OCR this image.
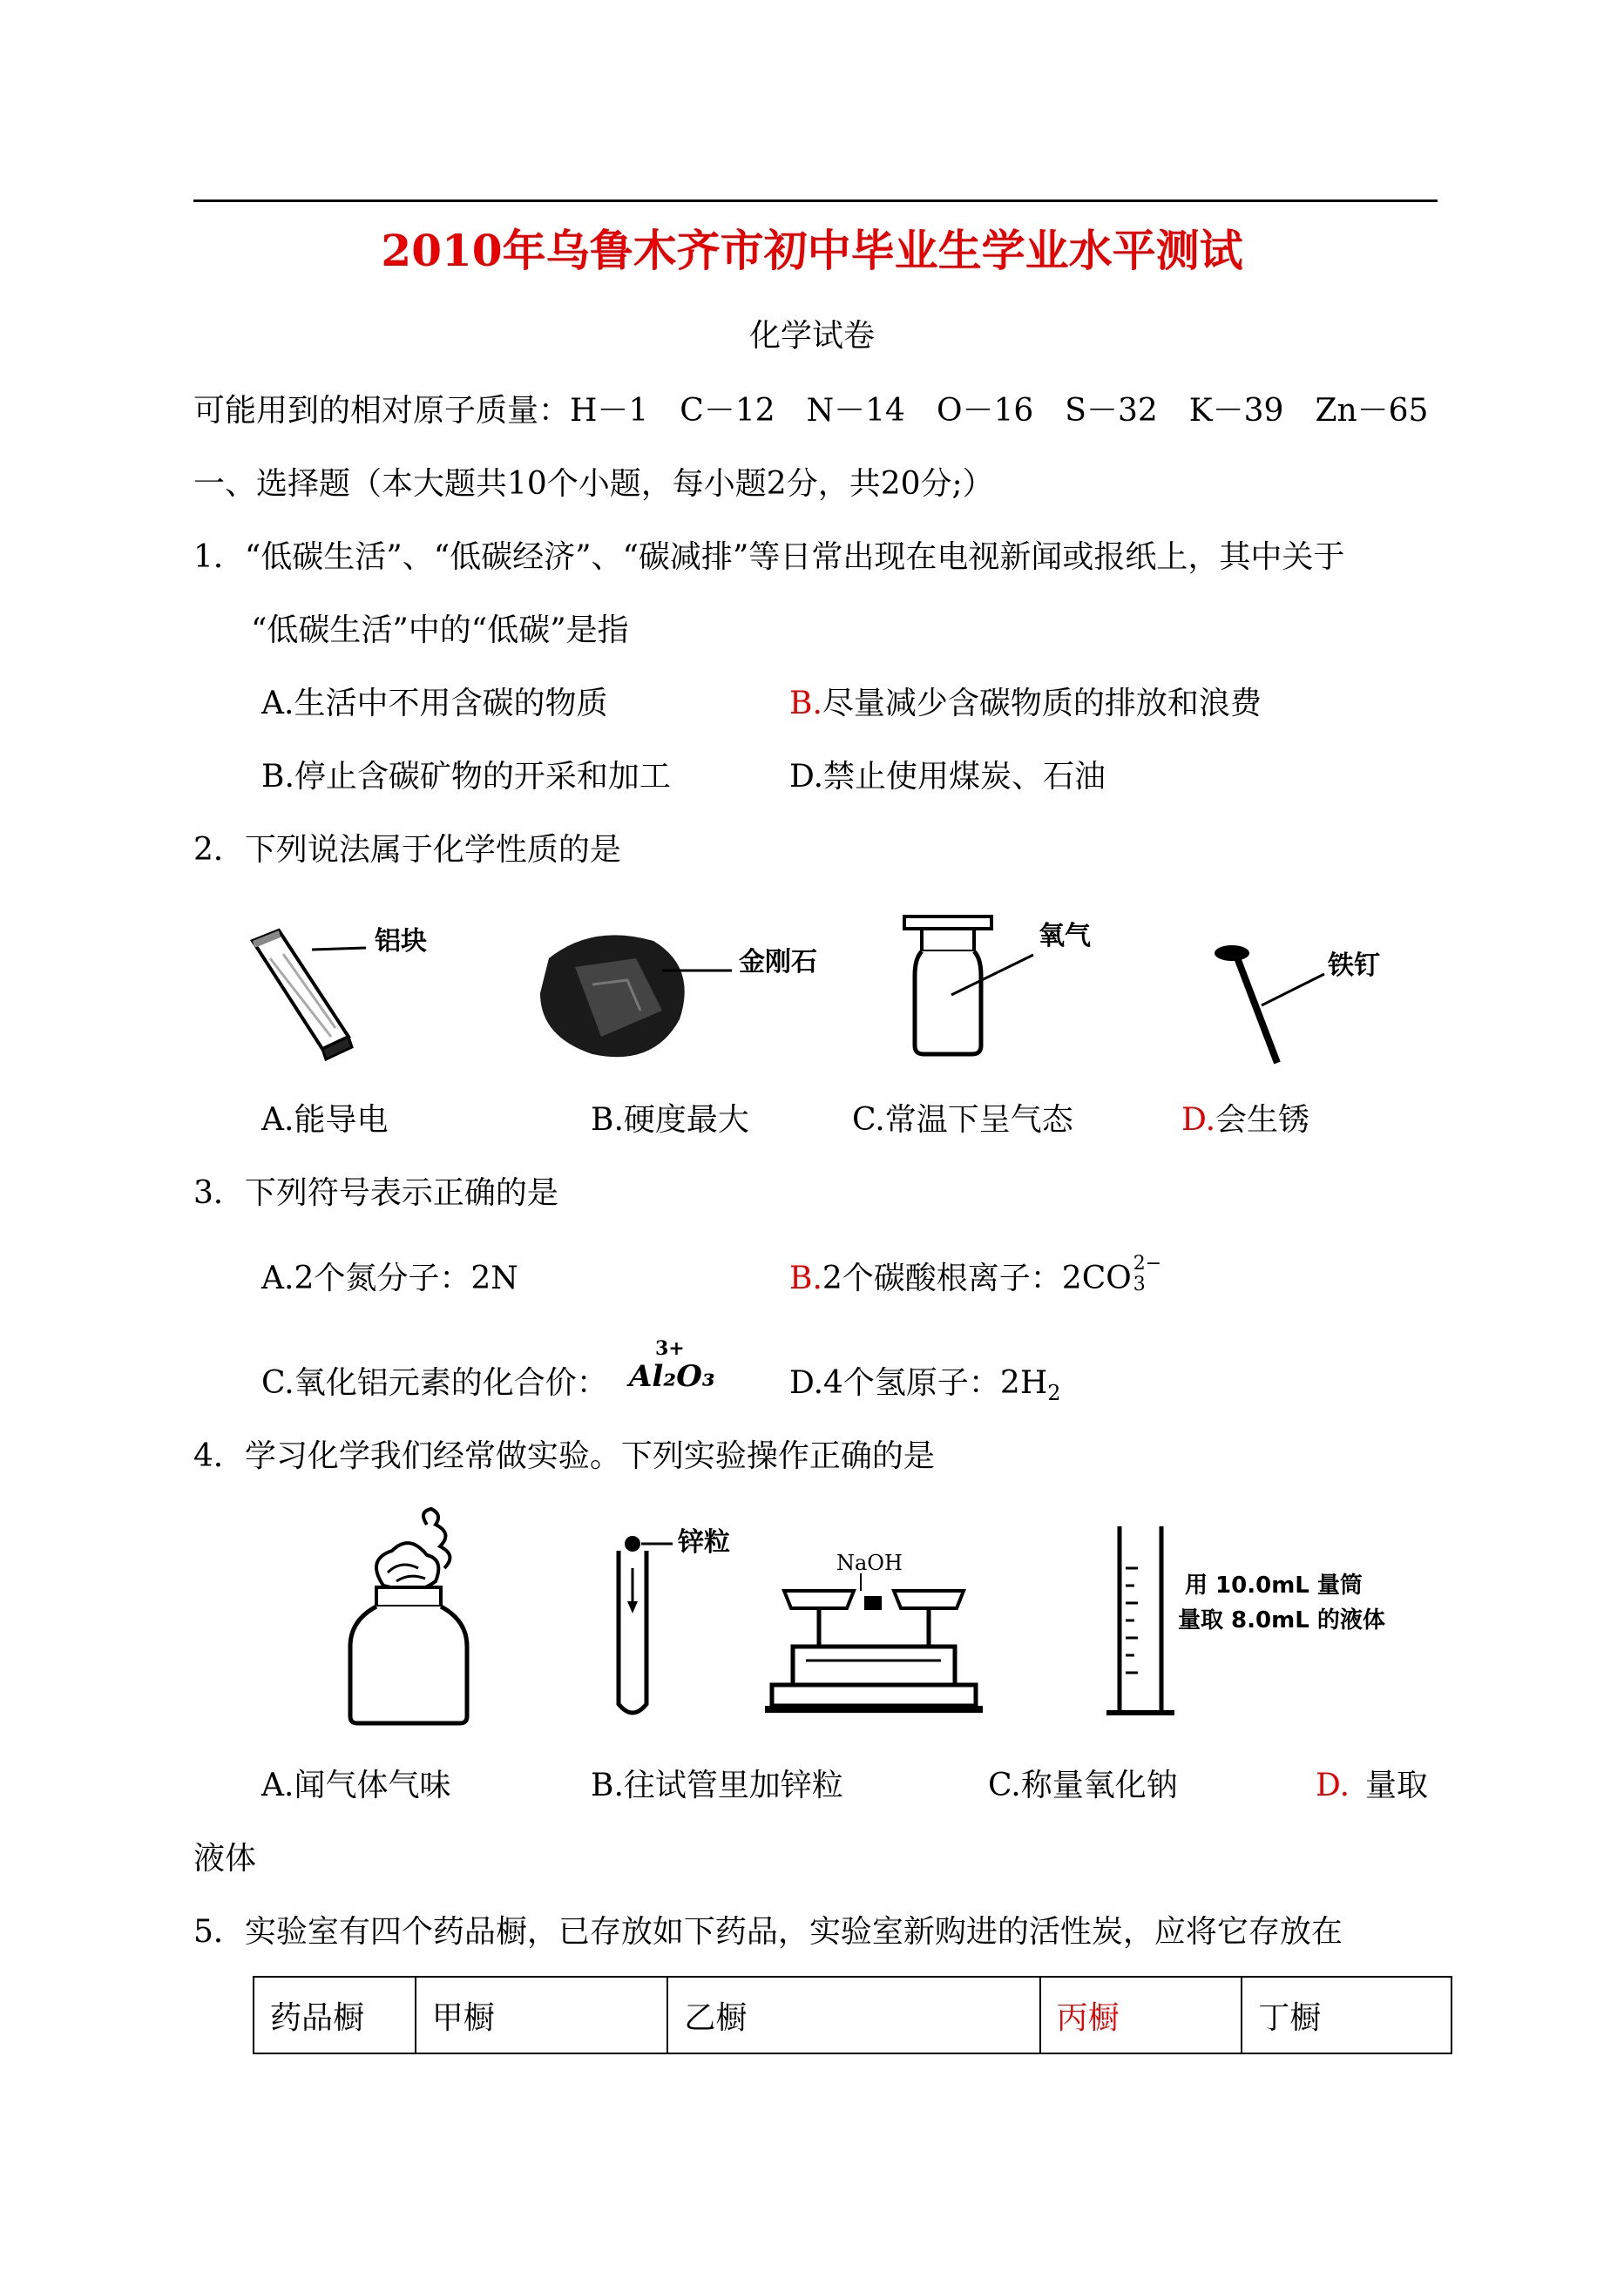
2010年乌鲁木齐市初中毕业生学业水平测试
化学试卷
可能用到的相对原子质量：H－1　C－12　N－14　O－16　S－32　K－39　Zn－65
一、选择题（本大题共10个小题，每小题2分，共20分;）
1．“低碳生活”、“低碳经济”、“碳减排”等日常出现在电视新闻或报纸上，其中关于
“低碳生活”中的“低碳”是指
A.生活中不用含碳的物质	B.尽量减少含碳物质的排放和浪费
B.停止含碳矿物的开采和加工	D.禁止使用煤炭、石油
2．下列说法属于化学性质的是
铝块
金刚石
氧气
铁钉
A.能导电	B.硬度最大	C.常温下呈气态	D.会生锈
3．下列符号表示正确的是
A.2个氮分子：2N	B.2个碳酸根离子：2CO 2−
3
C.氧化铝元素的化合价：
3+
Al₂O₃ D.4个氢原子：$2H_2$
4．学习化学我们经常做实验。下列实验操作正确的是
锌粒
NaOH
用 10.0mL 量筒
量取 8.0mL 的液体
A.闻气体气味	B.往试管里加锌粒	C.称量氧化钠	D. 量取
液体
5．实验室有四个药品橱，已存放如下药品，实验室新购进的活性炭，应将它存放在
药品橱	甲橱	乙橱	丙橱	丁橱
